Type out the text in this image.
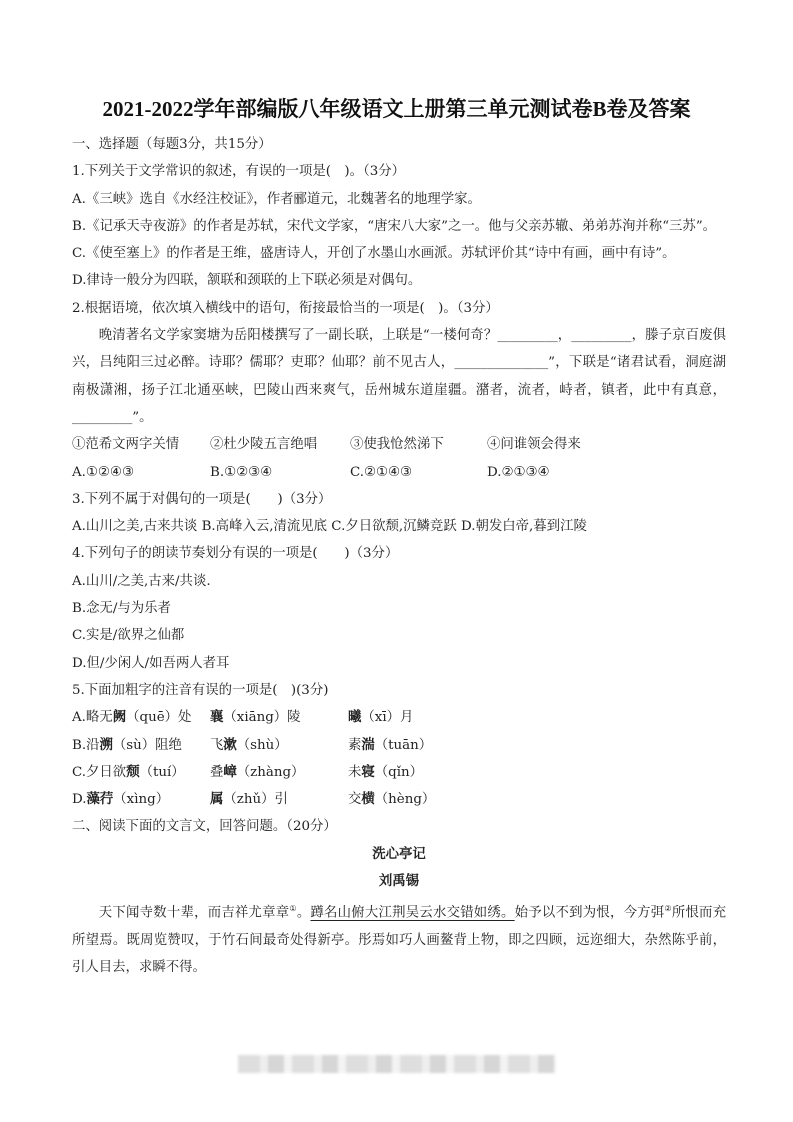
2021-2022学年部编版八年级语文上册第三单元测试卷B卷及答案
一、选择题（每题3分，共15分）
1.下列关于文学常识的叙述，有误的一项是(　)。（3分）
A.《三峡》选自《水经注校证》，作者郦道元，北魏著名的地理学家。
B.《记承天寺夜游》的作者是苏轼，宋代文学家，“唐宋八大家”之一。他与父亲苏辙、弟弟苏洵并称“三苏”。
C.《使至塞上》的作者是王维，盛唐诗人，开创了水墨山水画派。苏轼评价其“诗中有画，画中有诗”。
D.律诗一般分为四联，颔联和颈联的上下联必须是对偶句。
2.根据语境，依次填入横线中的语句，衔接最恰当的一项是(　)。（3分）
晚清著名文学家窦塘为岳阳楼撰写了一副长联，上联是“一楼何奇？_________，_________，滕子京百废俱兴，吕纯阳三过必醉。诗耶？儒耶？吏耶？仙耶？前不见古人，______________”，下联是“诸君试看，洞庭湖南极潇湘，扬子江北通巫峡，巴陵山西来爽气，岳州城东道崖疆。潴者，流者，峙者，镇者，此中有真意，_________”。
①范希文两字关情	②杜少陵五言绝唱	③使我怆然涕下	④问谁领会得来
A.①②④③	B.①②③④	C.②①④③	D.②①③④
3.下列不属于对偶句的一项是(　　)（3分）
A.山川之美,古来共谈 B.高峰入云,清流见底 C.夕日欲颓,沉鳞竞跃 D.朝发白帝,暮到江陵
4.下列句子的朗读节奏划分有误的一项是(　　)（3分）
A.山川/之美,古来/共谈.
B.念无/与为乐者
C.实是/欲界之仙都
D.但/少闲人/如吾两人者耳
5.下面加粗字的注音有误的一项是(　)(3分)
A.略无阙（quē）处	襄（xiāng）陵	曦（xī）月
B.沿溯（sù）阻绝	飞漱（shù）	素湍（tuān）
C.夕日欲颓（tuí）	叠嶂（zhàng）	未寝（qǐn）
D.藻荇（xìng）	属（zhǔ）引	交横（hèng）
二、阅读下面的文言文，回答问题。（20分）
洗心亭记
刘禹锡
天下闻寺数十辈，而吉祥尤章章①。蹲名山俯大江荆吴云水交错如绣。始予以不到为恨，今方弭②所恨而充所望焉。既周览赞叹，于竹石间最奇处得新亭。彤焉如巧人画鳌背上物，即之四顾，远迩细大，杂然陈乎前，引人目去，求瞬不得。
